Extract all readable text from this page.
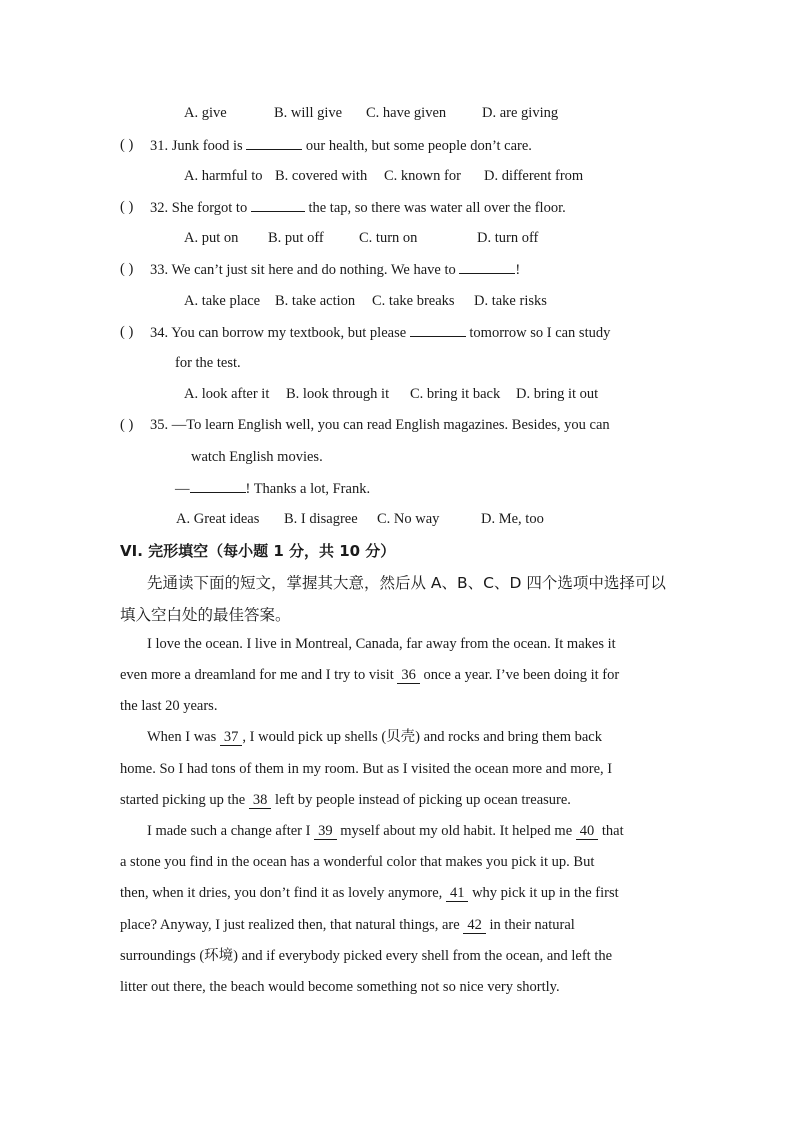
A. give	B. will give C. have given D. are giving
( ) 31. Junk food is	our health, but some people don’t care.
A. harmful to B. covered with C. known for D. different from
( ) 32. She forgot to	the tap, so there was water all over the floor.
A. put on B. put off C. turn on	D. turn off
( ) 33. We can’t just sit here and do nothing. We have to	!
A. take place B. take action C. take breaks D. take risks
( ) 34. You can borrow my textbook, but please	tomorrow so I can study
for the test.
A. look after it B. look through it C. bring it back D. bring it out
( ) 35. —To learn English well, you can read English magazines. Besides, you can
watch English movies.
—	! Thanks a lot, Frank.
A. Great ideas B. I disagree C. No way	D. Me, too
VI. 完形填空（每小题 1 分，共 10 分）
先通读下面的短文，掌握其大意，然后从 A、B、C、D 四个选项中选择可以
填入空白处的最佳答案。
I love the ocean. I live in Montreal, Canada, far away from the ocean. It makes it
even more a dreamland for me and I try to visit 36 once a year. I’ve been doing it for
the last 20 years.
When I was 37 , I would pick up shells (贝壳) and rocks and bring them back
home. So I had tons of them in my room. But as I visited the ocean more and more, I
started picking up the 38 left by people instead of picking up ocean treasure.
I made such a change after I 39 myself about my old habit. It helped me 40 that
a stone you find in the ocean has a wonderful color that makes you pick it up. But
then, when it dries, you don’t find it as lovely anymore, 41 why pick it up in the first
place? Anyway, I just realized then, that natural things, are 42 in their natural
surroundings (环境) and if everybody picked every shell from the ocean, and left the
litter out there, the beach would become something not so nice very shortly.
